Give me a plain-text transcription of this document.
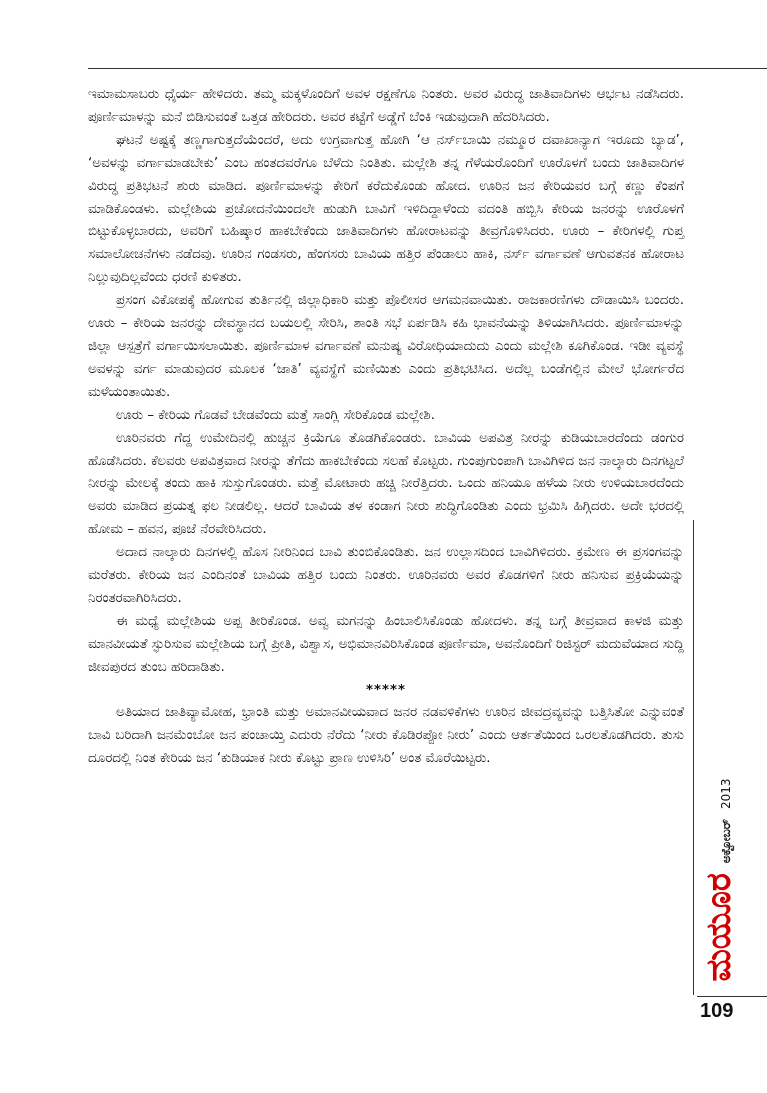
ಇಮಾಮಸಾಬರು ಧೈರ್ಯ ಹೇಳಿದರು. ತಮ್ಮ ಮಕ್ಕಳೊಂದಿಗೆ ಅವಳ ರಕ್ಷಣೆಗೂ ನಿಂತರು. ಅವರ ವಿರುದ್ಧ ಜಾತಿವಾದಿಗಳು ಆರ್ಭಟ ನಡೆಸಿದರು. ಪೂರ್ಣಿಮಾಳನ್ನು ಮನೆ ಬಿಡಿಸುವಂತೆ ಒತ್ತಡ ಹೇರಿದರು. ಅವರ ಕಟ್ಟೆಗೆ ಅಡ್ಡೆಗೆ ಬೆಂಕಿ ಇಡುವುದಾಗಿ ಹೆದರಿಸಿದರು.

ಘಟನೆ ಅಷ್ಟಕ್ಕೆ ತಣ್ಣಗಾಗುತ್ತದೆಯೆಂದರೆ, ಅದು ಉಗ್ರವಾಗುತ್ತ ಹೋಗಿ ‘ಆ ನರ್ಸ್‌ಬಾಯಿ ನಮ್ಮೂರ ದವಾಖಾನ್ಯಾಗ ಇರೂದು ಬ್ಯಾಡ’, ‘ಅವಳನ್ನು ವರ್ಗಾಮಾಡಬೇಕು’ ಎಂಬ ಹಂತದವರೆಗೂ ಬೆಳೆದು ನಿಂತಿತು. ಮಲ್ಲೇಶಿ ತನ್ನ ಗೆಳೆಯರೊಂದಿಗೆ ಊರೊಳಗೆ ಬಂದು ಜಾತಿವಾದಿಗಳ ವಿರುದ್ಧ ಪ್ರತಿಭಟನೆ ಶುರು ಮಾಡಿದ. ಪೂರ್ಣಿಮಾಳನ್ನು ಕೇರಿಗೆ ಕರೆದುಕೊಂಡು ಹೋದ. ಊರಿನ ಜನ ಕೇರಿಯವರ ಬಗ್ಗೆ ಕಣ್ಣು ಕೆಂಪಗೆ ಮಾಡಿಕೊಂಡಳು. ಮಲ್ಲೇಶಿಯ ಪ್ರಚೋದನೆಯಿಂದಲೇ ಹುಡುಗಿ ಬಾವಿಗೆ ಇಳಿದಿದ್ದಾಳೆಂದು ವದಂತಿ ಹಬ್ಬಿಸಿ ಕೇರಿಯ ಜನರನ್ನು ಊರೊಳಗೆ ಬಿಟ್ಟುಕೊಳ್ಳಬಾರದು, ಅವರಿಗೆ ಬಹಿಷ್ಕಾರ ಹಾಕಬೇಕೆಂದು ಜಾತಿವಾದಿಗಳು ಹೋರಾಟವನ್ನು ತೀವ್ರಗೊಳಿಸಿದರು. ಊರು – ಕೇರಿಗಳಲ್ಲಿ ಗುಪ್ತ ಸಮಾಲೋಚನೆಗಳು ನಡೆದವು. ಊರಿನ ಗಂಡಸರು, ಹೆಂಗಸರು ಬಾವಿಯ ಹತ್ತಿರ ಪೆಂಡಾಲು ಹಾಕಿ, ನರ್ಸ್ ವರ್ಗಾವಣೆ ಆಗುವತನಕ ಹೋರಾಟ ನಿಲ್ಲುವುದಿಲ್ಲವೆಂದು ಧರಣಿ ಕುಳಿತರು.

ಪ್ರಸಂಗ ವಿಕೋಪಕ್ಕೆ ಹೋಗುವ ತುರ್ತಿನಲ್ಲಿ ಜಿಲ್ಲಾಧಿಕಾರಿ ಮತ್ತು ಪೊಲೀಸರ ಆಗಮನವಾಯಿತು. ರಾಜಕಾರಣಿಗಳು ದೌಡಾಯಿಸಿ ಬಂದರು. ಊರು – ಕೇರಿಯ ಜನರನ್ನು ದೇವಸ್ಥಾನದ ಬಯಲಲ್ಲಿ ಸೇರಿಸಿ, ಶಾಂತಿ ಸಭೆ ಏರ್ಪಡಿಸಿ ಕಹಿ ಭಾವನೆಯನ್ನು ತಿಳಿಯಾಗಿಸಿದರು. ಪೂರ್ಣಿಮಾಳನ್ನು ಜಿಲ್ಲಾ ಆಸ್ಪತ್ರೆಗೆ ವರ್ಗಾಯಿಸಲಾಯಿತು. ಪೂರ್ಣಿಮಾಳ ವರ್ಗಾವಣೆ ಮನುಷ್ಯ ವಿರೋಧಿಯಾದುದು ಎಂದು ಮಲ್ಲೇಶಿ ಕೂಗಿಕೊಂಡ. ಇಡೀ ವ್ಯವಸ್ಥೆ ಅವಳನ್ನು ವರ್ಗ ಮಾಡುವುದರ ಮೂಲಕ ‘ಜಾತಿ’ ವ್ಯವಸ್ಥೆಗೆ ಮಣಿಯಿತು ಎಂದು ಪ್ರತಿಭಟಿಸಿದ. ಅದೆಲ್ಲ ಬಂಡೆಗಲ್ಲಿನ ಮೇಲೆ ಭೋರ್ಗರೆದ ಮಳೆಯಂತಾಯಿತು.

ಊರು – ಕೇರಿಯ ಗೊಡವೆ ಬೇಡವೆಂದು ಮತ್ತೆ ಸಾಂಗ್ಲಿ ಸೇರಿಕೊಂಡ ಮಲ್ಲೇಶಿ.

ಊರಿನವರು ಗೆದ್ದ ಉಮೇದಿನಲ್ಲಿ ಹುಚ್ಚನ ಕ್ರಿಯೆಗೂ ತೊಡಗಿಕೊಂಡರು. ಬಾವಿಯ ಅಪವಿತ್ರ ನೀರನ್ನು ಕುಡಿಯಬಾರದೆಂದು ಡಂಗುರ ಹೊಡೆಸಿದರು. ಕೆಲವರು ಅಪವಿತ್ರವಾದ ನೀರನ್ನು ತೆಗೆದು ಹಾಕಬೇಕೆಂದು ಸಲಹೆ ಕೊಟ್ಟರು. ಗುಂಪುಗುಂಪಾಗಿ ಬಾವಿಗಿಳಿದ ಜನ ನಾಲ್ಕಾರು ದಿನಗಟ್ಟಲೆ ನೀರನ್ನು ಮೇಲಕ್ಕೆ ತಂದು ಹಾಕಿ ಸುಸ್ತುಗೊಂಡರು. ಮತ್ತೆ ಮೋಟಾರು ಹಚ್ಚಿ ನೀರೆತ್ತಿದರು. ಒಂದು ಹನಿಯೂ ಹಳೆಯ ನೀರು ಉಳಿಯಬಾರದೆಂದು ಅವರು ಮಾಡಿದ ಪ್ರಯತ್ನ ಫಲ ನೀಡಲಿಲ್ಲ. ಆದರೆ ಬಾವಿಯ ತಳ ಕಂಡಾಗ ನೀರು ಶುದ್ಧಿಗೊಂಡಿತು ಎಂದು ಭ್ರಮಿಸಿ ಹಿಗ್ಗಿದರು. ಅದೇ ಭರದಲ್ಲಿ ಹೋಮ – ಹವನ, ಪೂಜೆ ನೆರವೇರಿಸಿದರು.

ಅದಾದ ನಾಲ್ಕಾರು ದಿನಗಳಲ್ಲಿ ಹೊಸ ನೀರಿನಿಂದ ಬಾವಿ ತುಂಬಿಕೊಂಡಿತು. ಜನ ಉಲ್ಲಾಸದಿಂದ ಬಾವಿಗಿಳಿದರು. ಕ್ರಮೇಣ ಈ ಪ್ರಸಂಗವನ್ನು ಮರೆತರು. ಕೇರಿಯ ಜನ ಎಂದಿನಂತೆ ಬಾವಿಯ ಹತ್ತಿರ ಬಂದು ನಿಂತರು. ಊರಿನವರು ಅವರ ಕೊಡಗಳಿಗೆ ನೀರು ಹನಿಸುವ ಪ್ರಕ್ರಿಯೆಯನ್ನು ನಿರಂತರವಾಗಿರಿಸಿದರು.

ಈ ಮಧ್ಯೆ ಮಲ್ಲೇಶಿಯ ಅಪ್ಪ ತೀರಿಕೊಂಡ. ಅವ್ವ ಮಗನನ್ನು ಹಿಂಬಾಲಿಸಿಕೊಂಡು ಹೋದಳು. ತನ್ನ ಬಗ್ಗೆ ತೀವ್ರವಾದ ಕಾಳಜಿ ಮತ್ತು ಮಾನವೀಯತೆ ಸ್ಫುರಿಸುವ ಮಲ್ಲೇಶಿಯ ಬಗ್ಗೆ ಪ್ರೀತಿ, ವಿಶ್ವಾಸ, ಅಭಿಮಾನವಿರಿಸಿಕೊಂಡ ಪೂರ್ಣಿಮಾ, ಅವನೊಂದಿಗೆ ರಿಜಿಸ್ಟರ್ ಮದುವೆಯಾದ ಸುದ್ದಿ ಜೀವಪುರದ ತುಂಬ ಹರಿದಾಡಿತು.

*****

ಅತಿಯಾದ ಜಾತಿವ್ಯಾಮೋಹ, ಭ್ರಾಂತಿ ಮತ್ತು ಅಮಾನವೀಯವಾದ ಜನರ ನಡವಳಿಕೆಗಳು ಊರಿನ ಜೀವದ್ರವ್ಯವನ್ನು ಬತ್ತಿಸಿತೋ ಎನ್ನುವಂತೆ ಬಾವಿ ಬರಿದಾಗಿ ಜನಮೆಂಬೋ ಜನ ಪಂಚಾಯ್ತಿ ಎದುರು ನೆರೆದು ‘ನೀರು ಕೊಡಿರಪ್ಪೋ ನೀರು’ ಎಂದು ಆರ್ತತೆಯಿಂದ ಒರಲತೊಡಗಿದರು. ತುಸು ದೂರದಲ್ಲಿ ನಿಂತ ಕೇರಿಯ ಜನ ‘ಕುಡಿಯಾಕ ನೀರು ಕೊಟ್ಟು ಪ್ರಾಣ ಉಳಿಸಿರಿ’ ಅಂತ ಮೊರೆಯಿಟ್ಟರು.

ಮಯೂರ
ಅಕ್ಟೋಬರ್
2013
109
